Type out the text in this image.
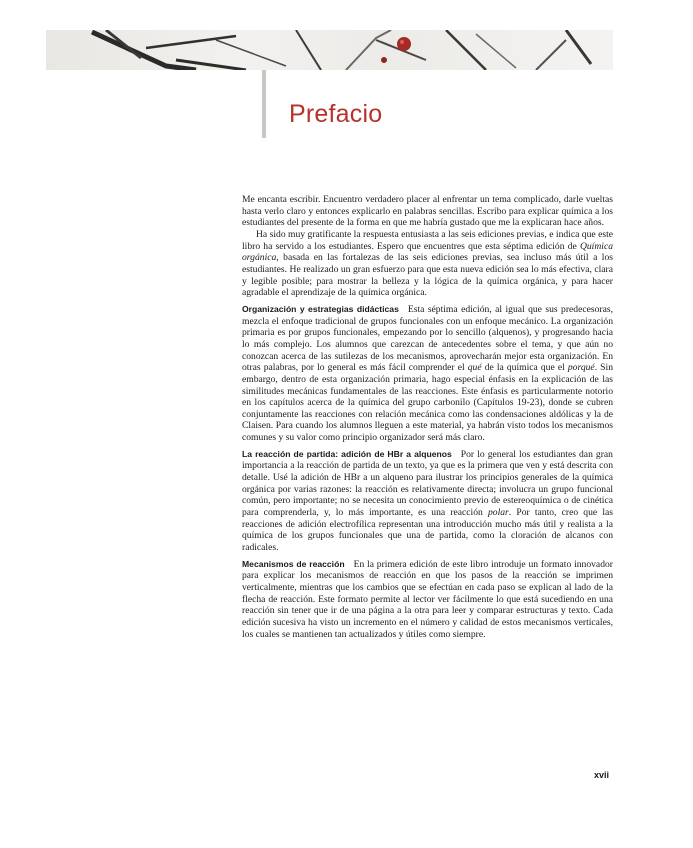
Prefacio

Me encanta escribir. Encuentro verdadero placer al enfrentar un tema complicado, darle vueltas hasta verlo claro y entonces explicarlo en palabras sencillas. Escribo para explicar química a los estudiantes del presente de la forma en que me habría gustado que me la explicaran hace años.

Ha sido muy gratificante la respuesta entusiasta a las seis ediciones previas, e indica que este libro ha servido a los estudiantes. Espero que encuentres que esta séptima edición de Química orgánica, basada en las fortalezas de las seis ediciones previas, sea incluso más útil a los estudiantes. He realizado un gran esfuerzo para que esta nueva edición sea lo más efectiva, clara y legible posible; para mostrar la belleza y la lógica de la química orgánica, y para hacer agradable el aprendizaje de la química orgánica.

Organización y estrategias didácticas Esta séptima edición, al igual que sus predecesoras, mezcla el enfoque tradicional de grupos funcionales con un enfoque mecánico. La organización primaria es por grupos funcionales, empezando por lo sencillo (alquenos), y progresando hacia lo más complejo. Los alumnos que carezcan de antecedentes sobre el tema, y que aún no conozcan acerca de las sutilezas de los mecanismos, aprovecharán mejor esta organización. En otras palabras, por lo general es más fácil comprender el qué de la química que el porqué. Sin embargo, dentro de esta organización primaria, hago especial énfasis en la explicación de las similitudes mecánicas fundamentales de las reacciones. Este énfasis es particularmente notorio en los capítulos acerca de la química del grupo carbonilo (Capítulos 19-23), donde se cubren conjuntamente las reacciones con relación mecánica como las condensaciones aldólicas y la de Claisen. Para cuando los alumnos lleguen a este material, ya habrán visto todos los mecanismos comunes y su valor como principio organizador será más claro.

La reacción de partida: adición de HBr a alquenos Por lo general los estudiantes dan gran importancia a la reacción de partida de un texto, ya que es la primera que ven y está descrita con detalle. Usé la adición de HBr a un alqueno para ilustrar los principios generales de la química orgánica por varias razones: la reacción es relativamente directa; involucra un grupo funcional común, pero importante; no se necesita un conocimiento previo de estereoquímica o de cinética para comprenderla, y, lo más importante, es una reacción polar. Por tanto, creo que las reacciones de adición electrofílica representan una introducción mucho más útil y realista a la química de los grupos funcionales que una de partida, como la cloración de alcanos con radicales.

Mecanismos de reacción En la primera edición de este libro introduje un formato innovador para explicar los mecanismos de reacción en que los pasos de la reacción se imprimen verticalmente, mientras que los cambios que se efectúan en cada paso se explican al lado de la flecha de reacción. Este formato permite al lector ver fácilmente lo que está sucediendo en una reacción sin tener que ir de una página a la otra para leer y comparar estructuras y texto. Cada edición sucesiva ha visto un incremento en el número y calidad de estos mecanismos verticales, los cuales se mantienen tan actualizados y útiles como siempre.

xvii
